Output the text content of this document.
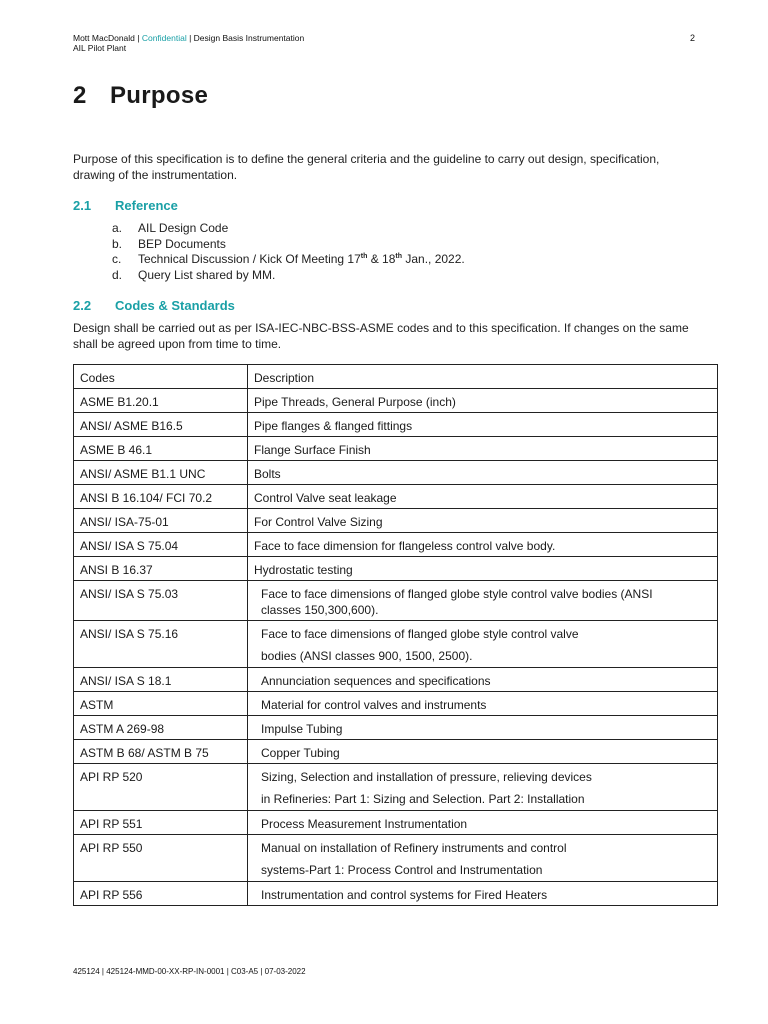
Mott MacDonald | Confidential | Design Basis Instrumentation
AIL Pilot Plant
2
2 Purpose

Purpose of this specification is to define the general criteria and the guideline to carry out design, specification, drawing of the instrumentation.

2.1 Reference
a.	AIL Design Code
b.	BEP Documents
c.	Technical Discussion / Kick Of Meeting 17th & 18th Jan., 2022.
d.	Query List shared by MM.
2.2 Codes & Standards

Design shall be carried out as per ISA-IEC-NBC-BSS-ASME codes and to this specification. If changes on the same shall be agreed upon from time to time.

Codes	Description
ASME B1.20.1	Pipe Threads, General Purpose (inch)

ANSI/ ASME B16.5	Pipe flanges & flanged fittings

ASME B 46.1	Flange Surface Finish

ANSI/ ASME B1.1 UNC	Bolts

ANSI B 16.104/ FCI 70.2	Control Valve seat leakage

ANSI/ ISA-75-01	For Control Valve Sizing

ANSI/ ISA S 75.04	Face to face dimension for flangeless control valve body.

ANSI B 16.37	Hydrostatic testing

ANSI/ ISA S 75.03	Face to face dimensions of flanged globe style control valve bodies (ANSI
classes 150,300,600).

ANSI/ ISA S 75.16	Face to face dimensions of flanged globe style control valve
bodies (ANSI classes 900, 1500, 2500).

ANSI/ ISA S 18.1	Annunciation sequences and specifications

ASTM	Material for control valves and instruments

ASTM A 269-98	Impulse Tubing

ASTM B 68/ ASTM B 75	Copper Tubing

API RP 520	Sizing, Selection and installation of pressure, relieving devices
in Refineries: Part 1: Sizing and Selection. Part 2: Installation

API RP 551	Process Measurement Instrumentation

API RP 550	Manual on installation of Refinery instruments and control
systems-Part 1: Process Control and Instrumentation

API RP 556	Instrumentation and control systems for Fired Heaters
425124 | 425124-MMD-00-XX-RP-IN-0001 | C03-A5 | 07-03-2022
